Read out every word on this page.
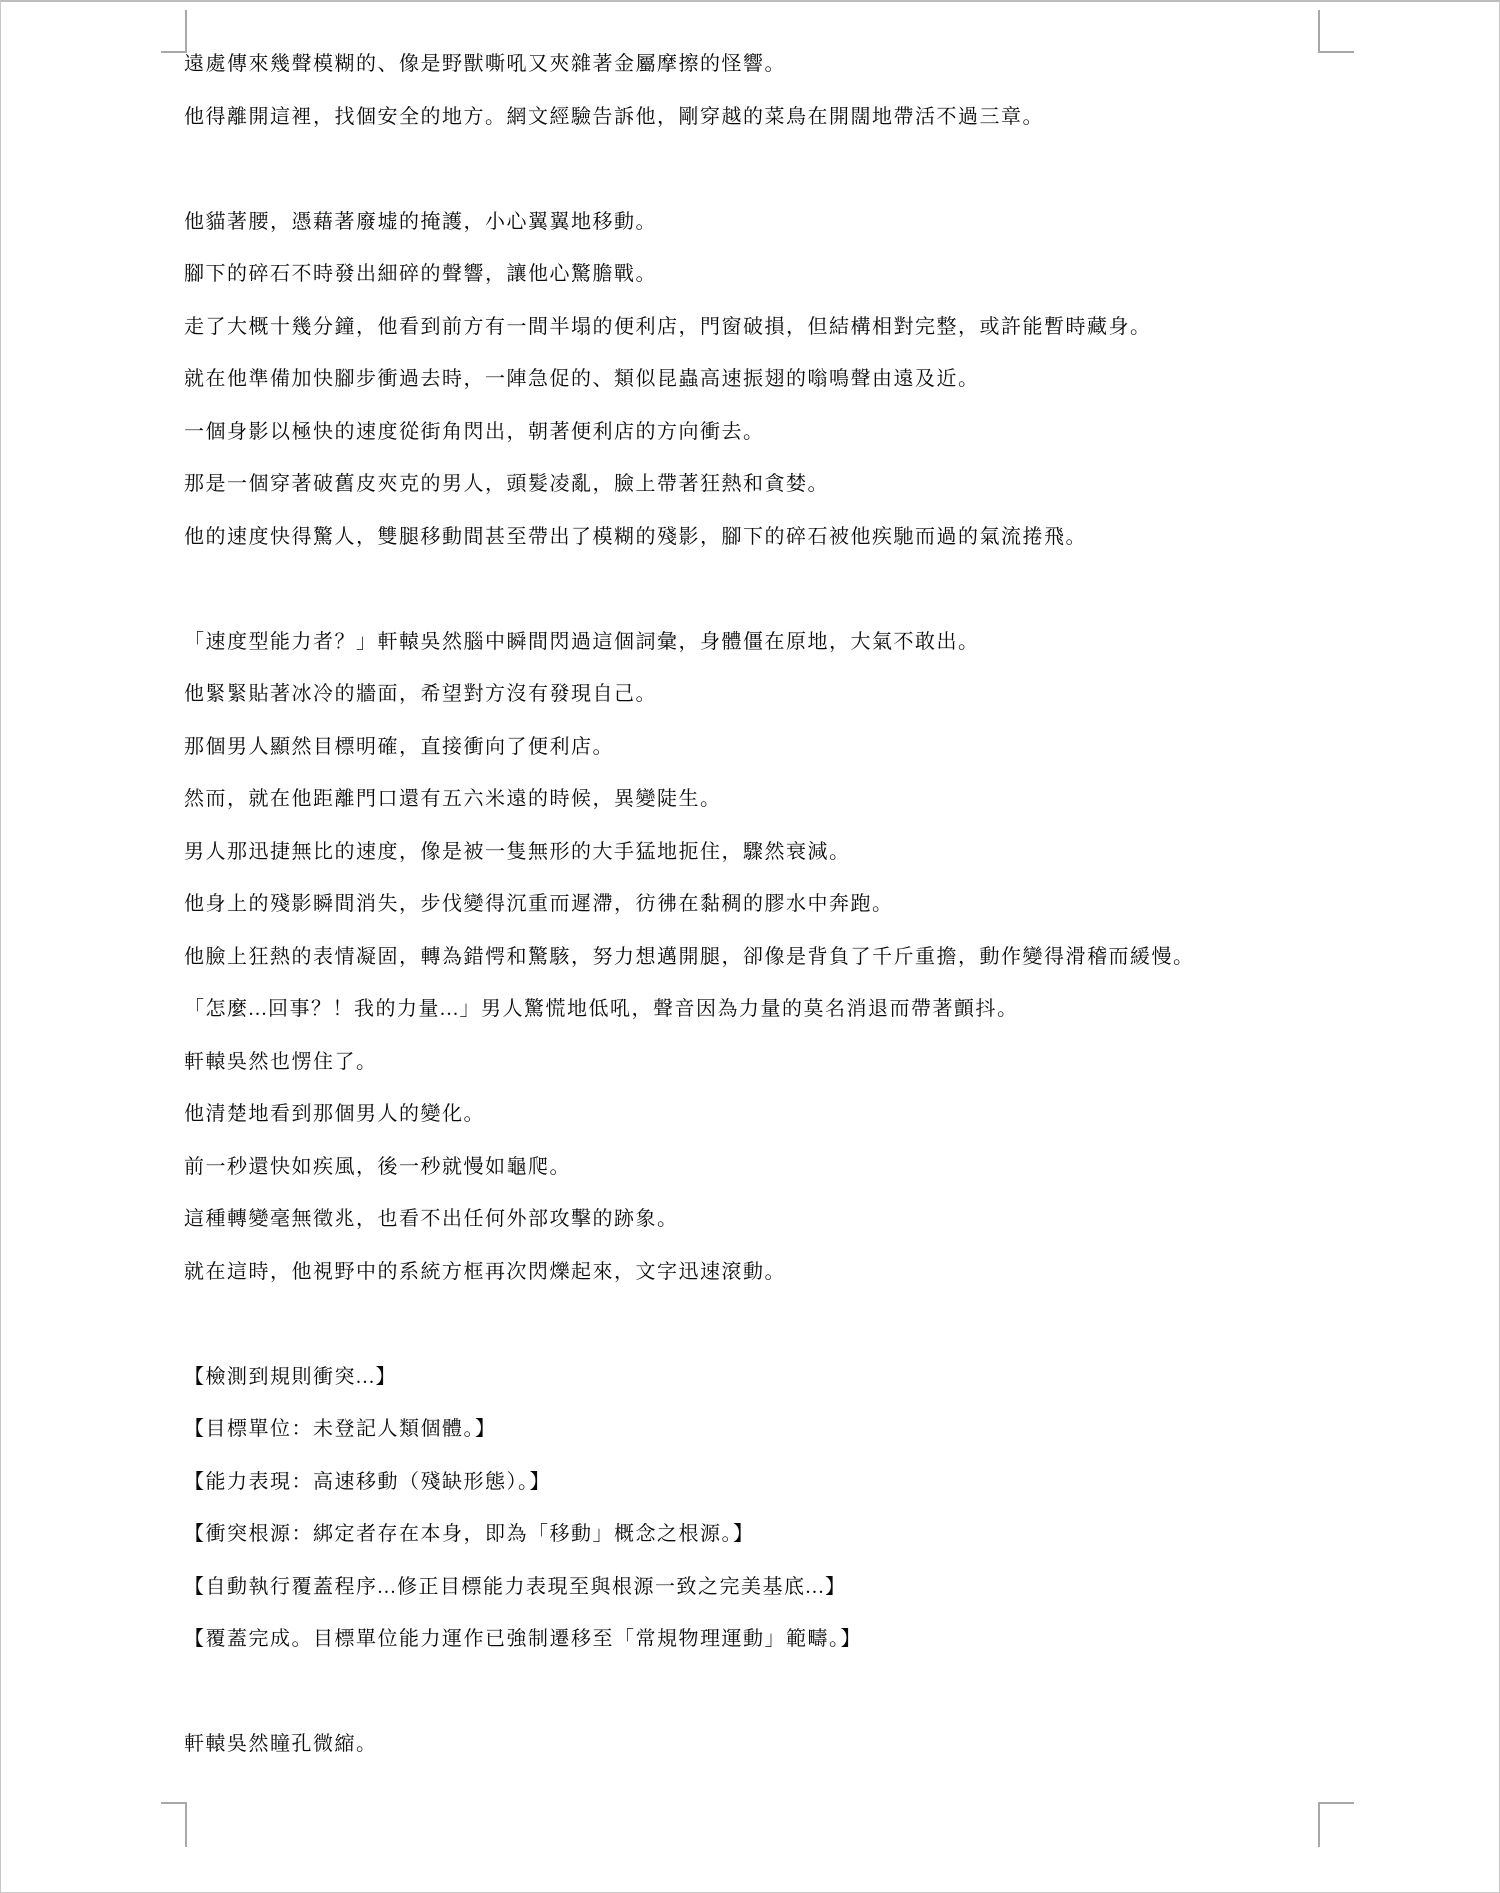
遠處傳來幾聲模糊的、像是野獸嘶吼又夾雜著金屬摩擦的怪響。
他得離開這裡，找個安全的地方。網文經驗告訴他，剛穿越的菜鳥在開闊地帶活不過三章。
他貓著腰，憑藉著廢墟的掩護，小心翼翼地移動。
腳下的碎石不時發出細碎的聲響，讓他心驚膽戰。
走了大概十幾分鐘，他看到前方有一間半塌的便利店，門窗破損，但結構相對完整，或許能暫時藏身。
就在他準備加快腳步衝過去時，一陣急促的、類似昆蟲高速振翅的嗡鳴聲由遠及近。
一個身影以極快的速度從街角閃出，朝著便利店的方向衝去。
那是一個穿著破舊皮夾克的男人，頭髮凌亂，臉上帶著狂熱和貪婪。
他的速度快得驚人，雙腿移動間甚至帶出了模糊的殘影，腳下的碎石被他疾馳而過的氣流捲飛。
「速度型能力者？」軒轅吳然腦中瞬間閃過這個詞彙，身體僵在原地，大氣不敢出。
他緊緊貼著冰冷的牆面，希望對方沒有發現自己。
那個男人顯然目標明確，直接衝向了便利店。
然而，就在他距離門口還有五六米遠的時候，異變陡生。
男人那迅捷無比的速度，像是被一隻無形的大手猛地扼住，驟然衰減。
他身上的殘影瞬間消失，步伐變得沉重而遲滯，彷彿在黏稠的膠水中奔跑。
他臉上狂熱的表情凝固，轉為錯愕和驚駭，努力想邁開腿，卻像是背負了千斤重擔，動作變得滑稽而緩慢。
「怎麼...回事？！我的力量...」男人驚慌地低吼，聲音因為力量的莫名消退而帶著顫抖。
軒轅吳然也愣住了。
他清楚地看到那個男人的變化。
前一秒還快如疾風，後一秒就慢如龜爬。
這種轉變毫無徵兆，也看不出任何外部攻擊的跡象。
就在這時，他視野中的系統方框再次閃爍起來，文字迅速滾動。
【檢測到規則衝突...】
【目標單位：未登記人類個體。】
【能力表現：高速移動（殘缺形態）。】
【衝突根源：綁定者存在本身，即為「移動」概念之根源。】
【自動執行覆蓋程序...修正目標能力表現至與根源一致之完美基底...】
【覆蓋完成。目標單位能力運作已強制遷移至「常規物理運動」範疇。】
軒轅吳然瞳孔微縮。
